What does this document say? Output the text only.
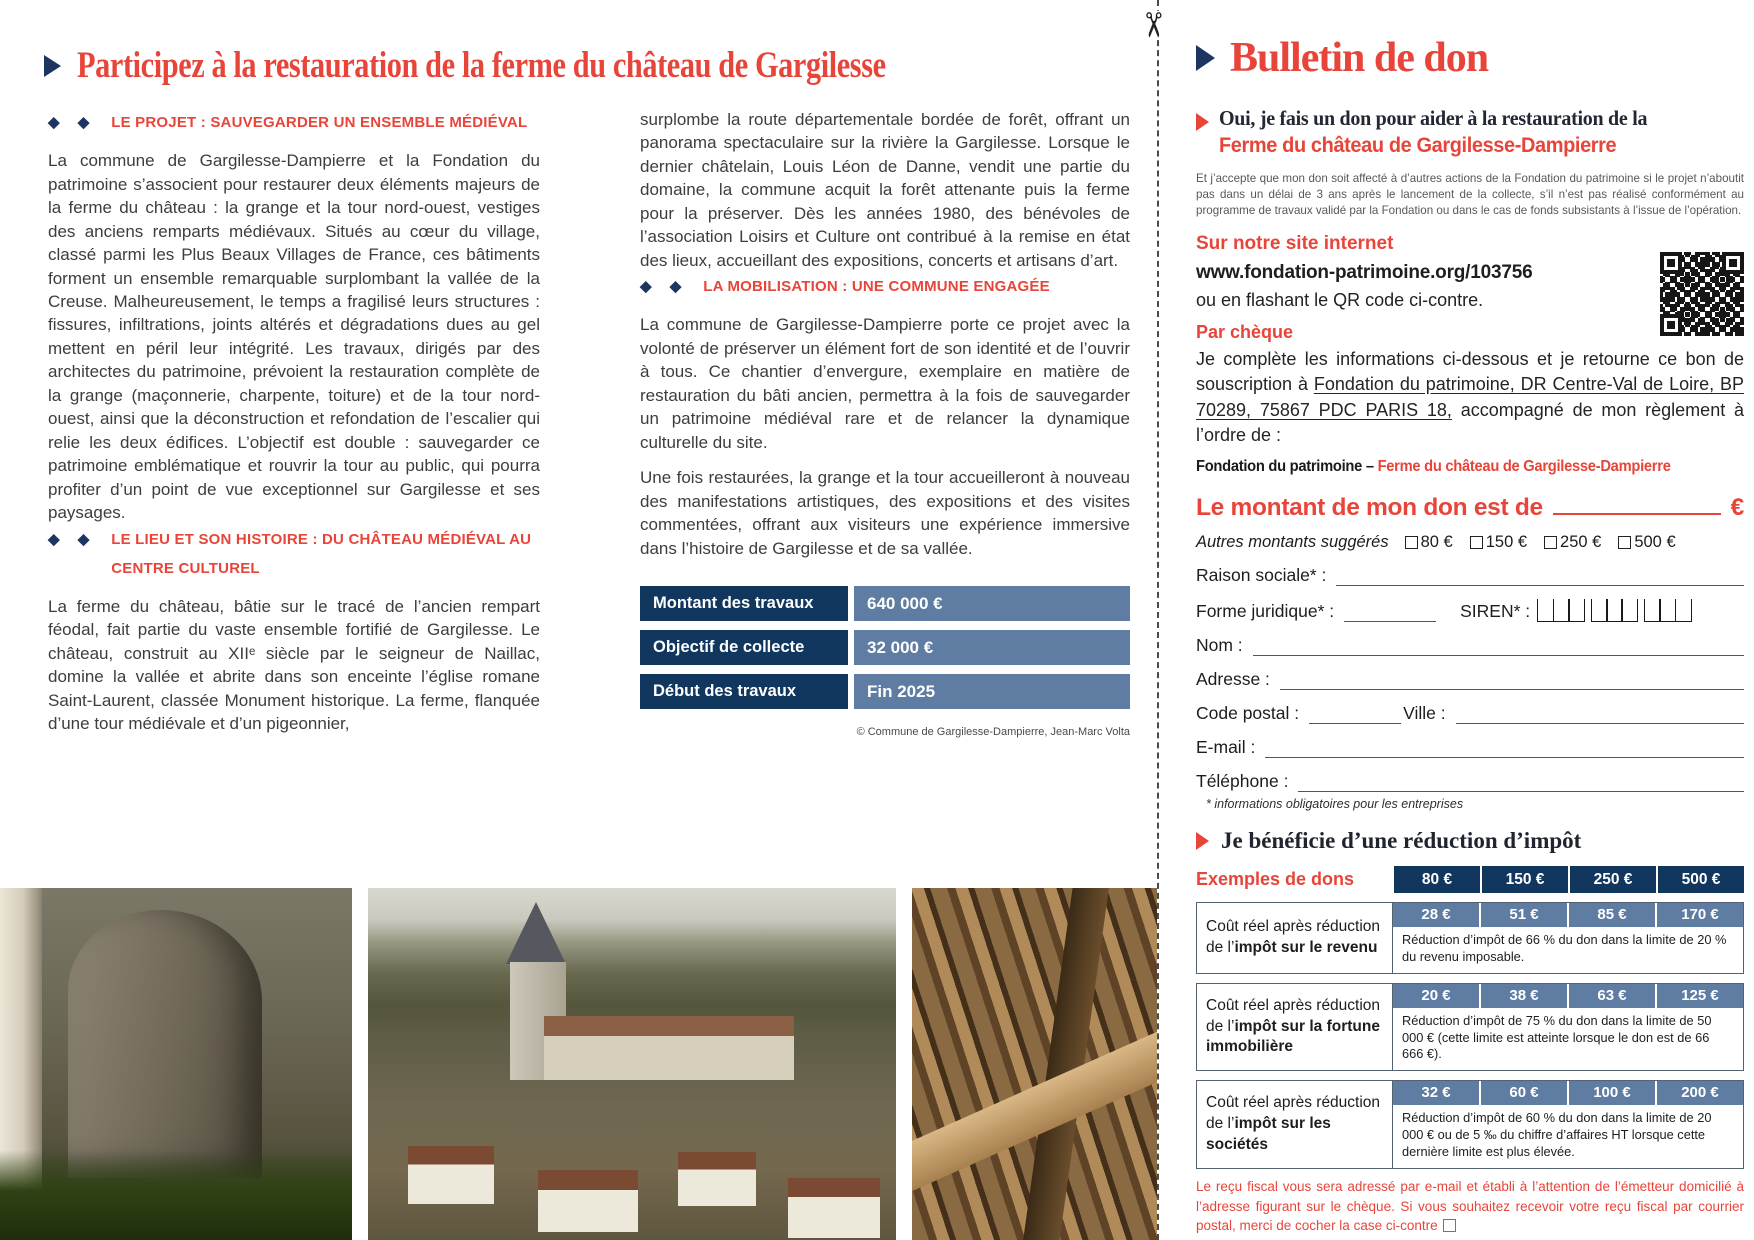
Participez à la restauration de la ferme du château de Gargilesse
◆ ◆ LE PROJET : SAUVEGARDER UN ENSEMBLE MÉDIÉVAL

La commune de Gargilesse-Dampierre et la Fondation du patrimoine s’associent pour restaurer deux éléments majeurs de la ferme du château : la grange et la tour nord-ouest, vestiges des anciens remparts médiévaux. Situés au cœur du village, classé parmi les Plus Beaux Villages de France, ces bâtiments forment un ensemble remarquable surplombant la vallée de la Creuse. Malheureusement, le temps a fragilisé leurs structures : fissures, infiltrations, joints altérés et dégradations dues au gel mettent en péril leur intégrité. Les travaux, dirigés par des architectes du patrimoine, prévoient la restauration complète de la grange (maçonnerie, charpente, toiture) et de la tour nord-ouest, ainsi que la déconstruction et refondation de l’escalier qui relie les deux édifices. L’objectif est double : sauvegarder ce patrimoine emblématique et rouvrir la tour au public, qui pourra profiter d’un point de vue exceptionnel sur Gargilesse et ses paysages.

◆ ◆ LE LIEU ET SON HISTOIRE : DU CHÂTEAU MÉDIÉVAL AU CENTRE CULTUREL

La ferme du château, bâtie sur le tracé de l’ancien rempart féodal, fait partie du vaste ensemble fortifié de Gargilesse. Le château, construit au XIIᵉ siècle par le seigneur de Naillac, domine la vallée et abrite dans son enceinte l’église romane Saint-Laurent, classée Monument historique. La ferme, flanquée d’une tour médiévale et d’un pigeonnier,

surplombe la route départementale bordée de forêt, offrant un panorama spectaculaire sur la rivière la Gargilesse. Lorsque le dernier châtelain, Louis Léon de Danne, vendit une partie du domaine, la commune acquit la forêt attenante puis la ferme pour la préserver. Dès les années 1980, des bénévoles de l’association Loisirs et Culture ont contribué à la remise en état des lieux, accueillant des expositions, concerts et artisans d’art.

◆ ◆ LA MOBILISATION : UNE COMMUNE ENGAGÉE

La commune de Gargilesse-Dampierre porte ce projet avec la volonté de préserver un élément fort de son identité et de l’ouvrir à tous. Ce chantier d’envergure, exemplaire en matière de restauration du bâti ancien, permettra à la fois de sauvegarder un patrimoine médiéval rare et de relancer la dynamique culturelle du site.

Une fois restaurées, la grange et la tour accueilleront à nouveau des manifestations artistiques, des expositions et des visites commentées, offrant aux visiteurs une expérience immersive dans l’histoire de Gargilesse et de sa vallée.

Montant des travaux	640 000 €
Objectif de collecte	32 000 €
Début des travaux	Fin 2025
© Commune de Gargilesse-Dampierre, Jean-Marc Volta
✂
Bulletin de don
Oui, je fais un don pour aider à la restauration de la
Ferme du château de Gargilesse-Dampierre

Et j’accepte que mon don soit affecté à d’autres actions de la Fondation du patrimoine si le projet n’aboutit pas dans un délai de 3 ans après le lancement de la collecte, s’il n’est pas réalisé conformément au programme de travaux validé par la Fondation ou dans le cas de fonds subsistants à l’issue de l’opération.

Sur notre site internet
www.fondation-patrimoine.org/103756
ou en flashant le QR code ci-contre.
Par chèque

Je complète les informations ci-dessous et je retourne ce bon de souscription à Fondation du patrimoine, DR Centre-Val de Loire, BP 70289, 75867 PDC PARIS 18, accompagné de mon règlement à l’ordre de :

Fondation du patrimoine – Ferme du château de Gargilesse-Dampierre
Le montant de mon don est de	€
Autres montants suggérés 80 € 150 € 250 € 500 €
Raison sociale* :
Forme juridique* :	SIREN* :
Nom :
Adresse :
Code postal :	Ville :
E-mail :
Téléphone :
* informations obligatoires pour les entreprises
Je bénéficie d’une réduction d’impôt
Exemples de dons	80 €	150 €	250 €	500 €
Coût réel après réduction de l’impôt sur le revenu
28 €	51 €	85 €	170 €
Réduction d’impôt de 66 % du don dans la limite de 20 % du revenu imposable.
Coût réel après réduction de l’impôt sur la fortune immobilière
20 €	38 €	63 €	125 €
Réduction d’impôt de 75 % du don dans la limite de 50 000 € (cette limite est atteinte lorsque le don est de 66 666 €).
Coût réel après réduction de l’impôt sur les sociétés
32 €	60 €	100 €	200 €
Réduction d’impôt de 60 % du don dans la limite de 20 000 € ou de 5 ‰ du chiffre d’affaires HT lorsque cette dernière limite est plus élevée.

Le reçu fiscal vous sera adressé par e-mail et établi à l’attention de l’émetteur domicilié à l’adresse figurant sur le chèque. Si vous souhaitez recevoir votre reçu fiscal par courrier postal, merci de cocher la case ci-contre
